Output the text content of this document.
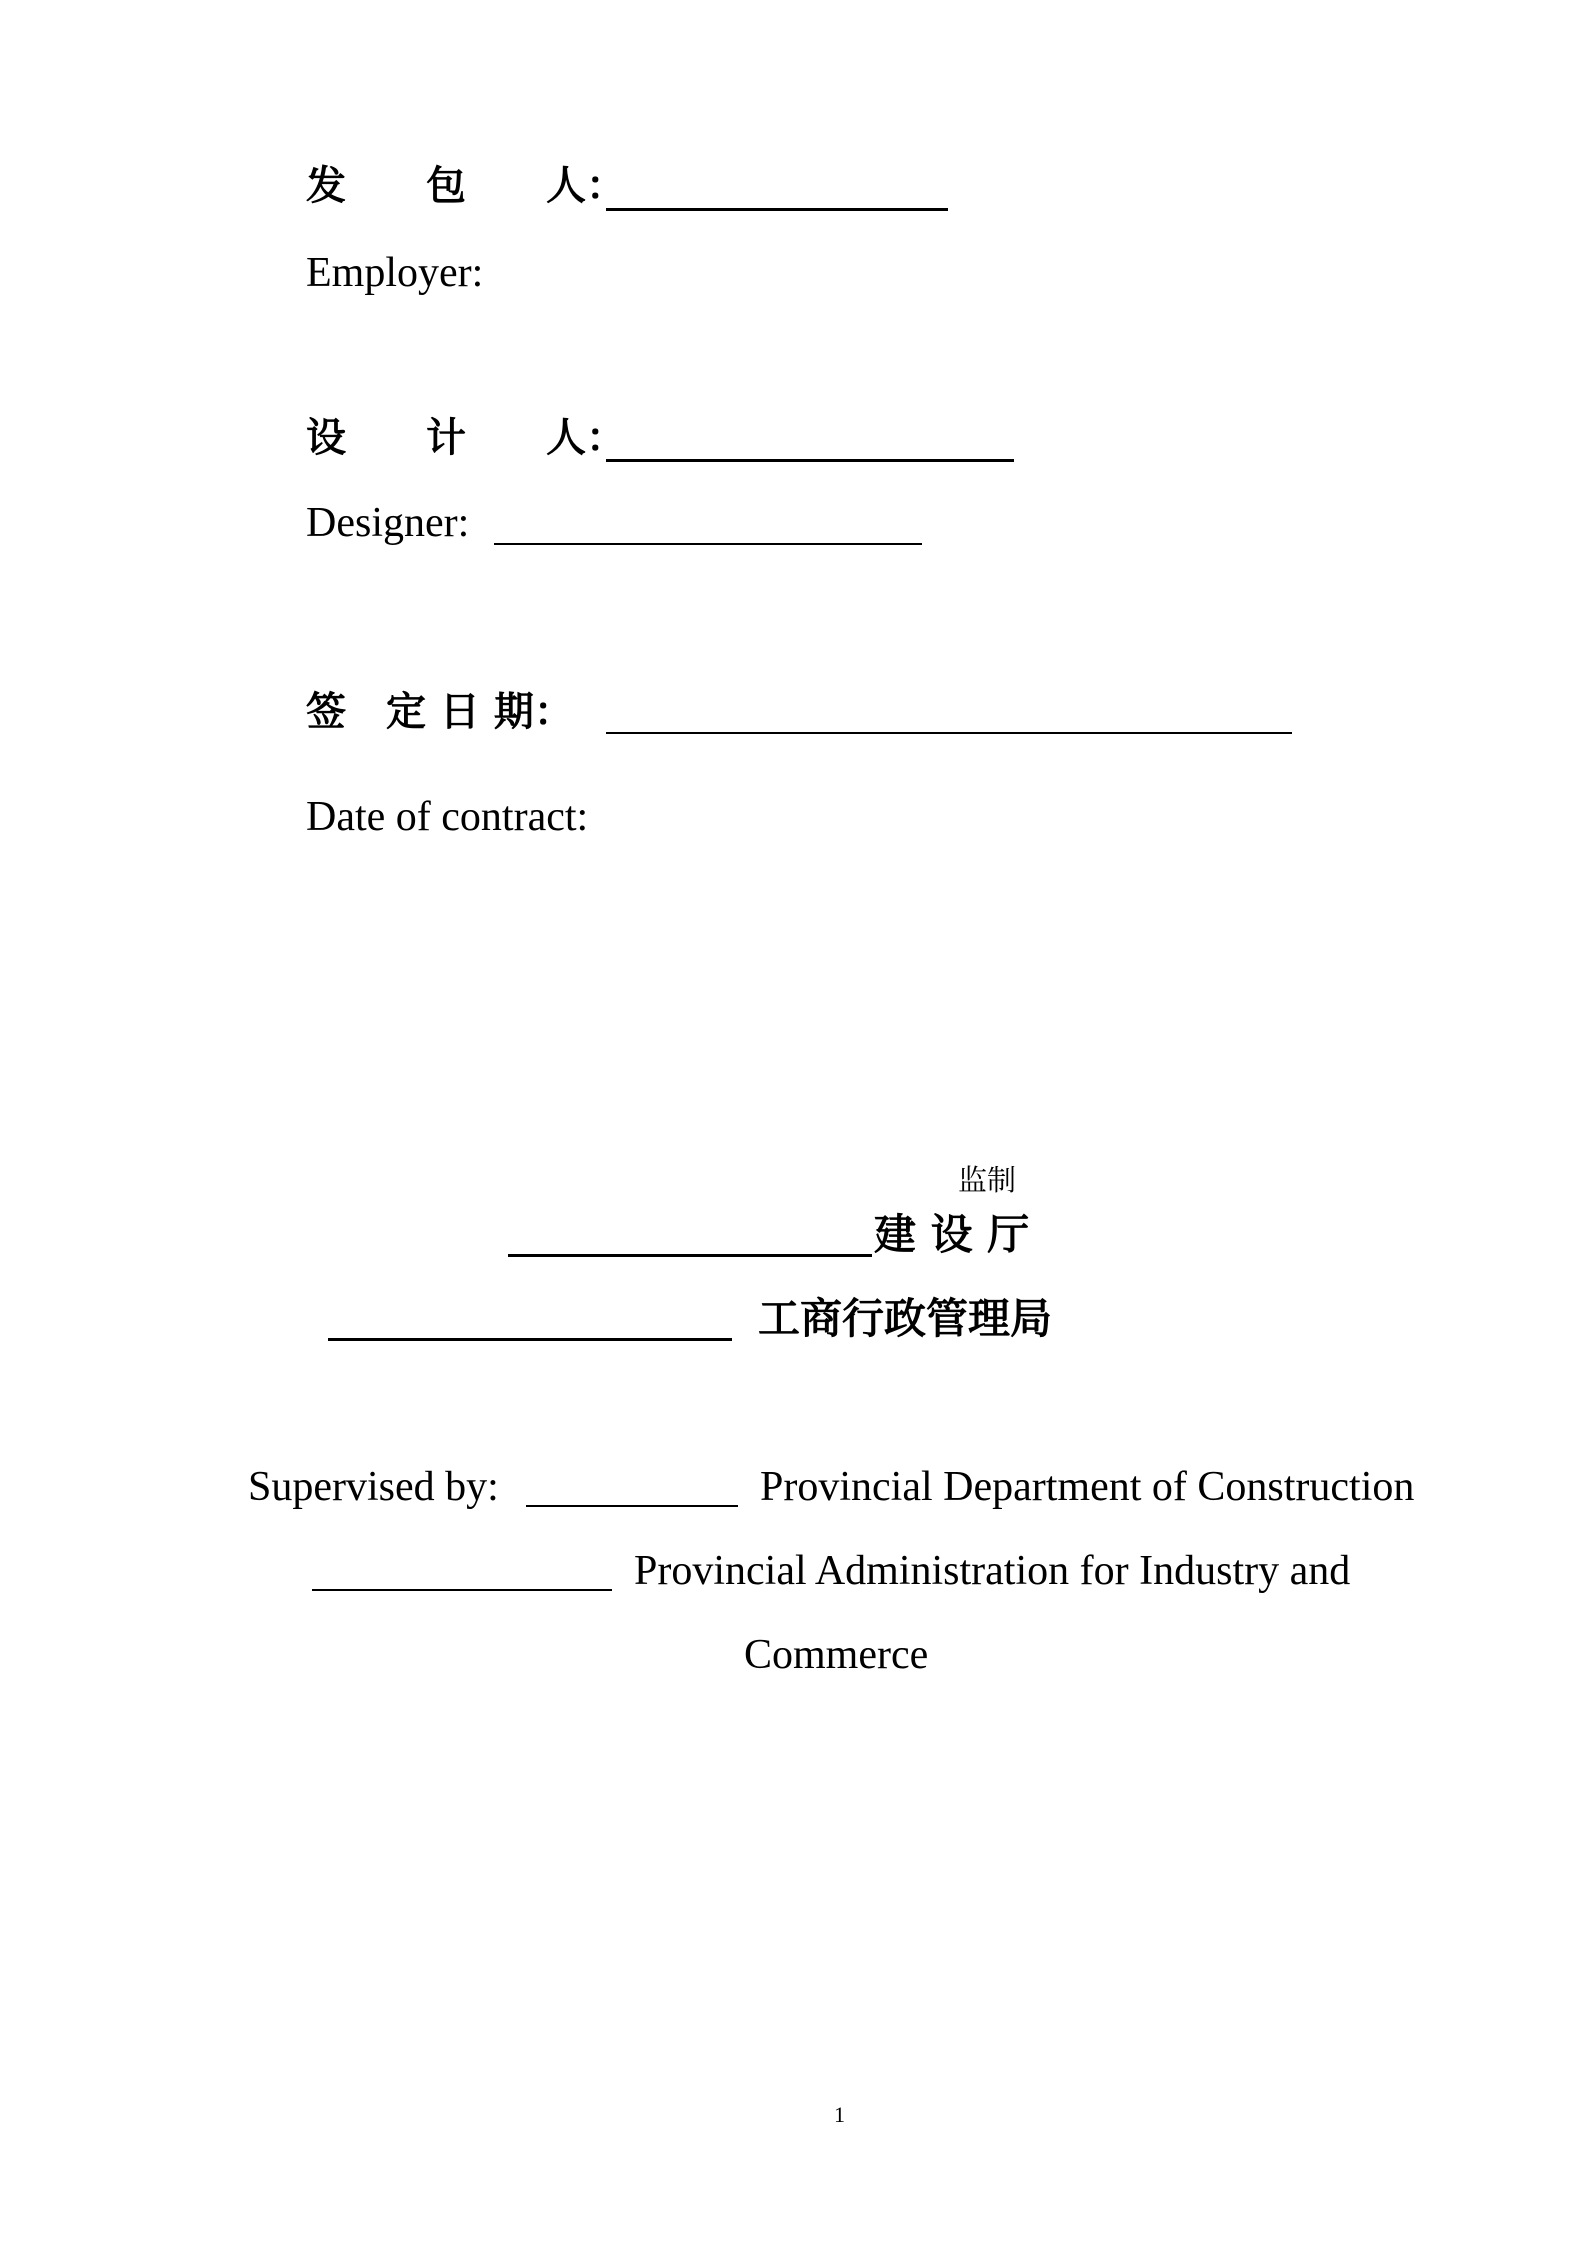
发　　包　　人：
Employer:
设　　计　　人：
Designer:
签　定 日 期：
Date of contract:
监制
建 设 厅
工商行政管理局
Supervised by:	Provincial Department of Construction
Provincial Administration for Industry and
Commerce
1
